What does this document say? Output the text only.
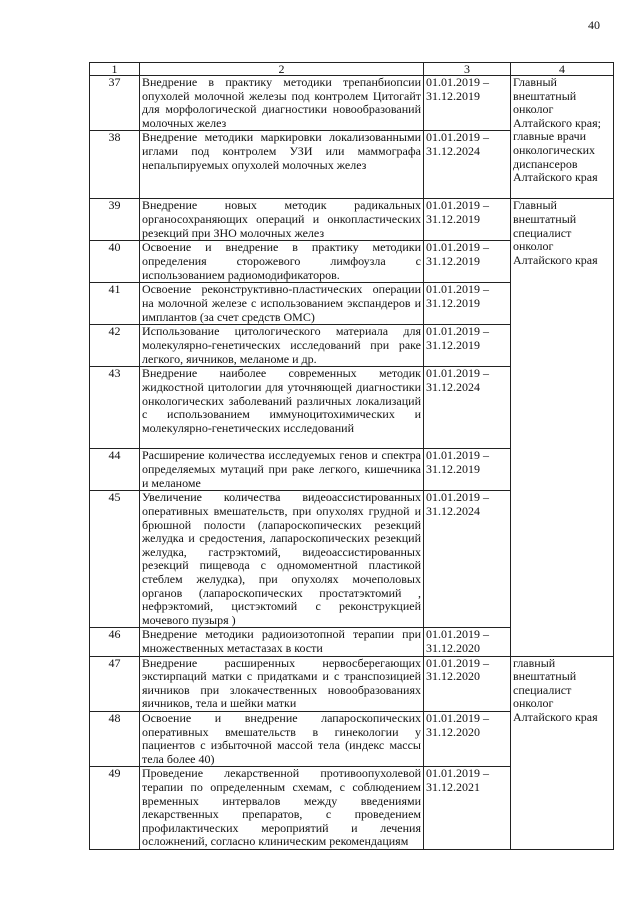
40
1	2	3	4
37	Внедрение в практику методики трепанбиопсии опухолей молочной железы под контролем Цитогайт для морфологической диагностики новообразований молочных желез	01.01.2019 –
31.12.2019	Главный внештатный онколог Алтайского края; главные врачи онкологических диспансеров Алтайского края
38	Внедрение методики маркировки локализованными иглами под контролем УЗИ или маммографа непальпируемых опухолей молочных желез	01.01.2019 –
31.12.2024	

39	Внедрение новых методик радикальных органосохраняющих операций и онкопластических резекций при ЗНО молочных желез	01.01.2019 –
31.12.2019	Главный внештатный специалист онколог Алтайского края
40	Освоение и внедрение в практику методики определения сторожевого лимфоузла с использованием радиомодификаторов.	01.01.2019 –
31.12.2019	

41	Освоение реконструктивно-пластических операции на молочной железе с использованием экспандеров и имплантов (за счет средств ОМС)	01.01.2019 –
31.12.2019	

42	Использование цитологического материала для молекулярно-генетических исследований при раке легкого, яичников, меланоме и др.	01.01.2019 –
31.12.2019	

43	Внедрение наиболее современных методик жидкостной цитологии для уточняющей диагностики онкологических заболеваний различных локализаций с использованием иммуноцитохимических и молекулярно-генетических исследований	01.01.2019 –
31.12.2024	

44	Расширение количества исследуемых генов и спектра определяемых мутаций при раке легкого, кишечника и меланоме	01.01.2019 –
31.12.2019	

45	Увеличение количества видеоассистированных оперативных вмешательств, при опухолях грудной и брюшной полости (лапароскопических резекций желудка и средостения, лапароскопических резекций желудка, гастрэктомий, видеоассистированных резекций пищевода с одномоментной пластикой стеблем желудка), при опухолях мочеполовых органов (лапароскопических простатэктомий , нефрэктомий, цистэктомий с реконструкцией мочевого пузыря )	01.01.2019 –
31.12.2024	

46	Внедрение методики радиоизотопной терапии при множественных метастазах в кости	01.01.2019 –
31.12.2020	

47	Внедрение расширенных нервосберегающих экстирпаций матки с придатками и с транспозицией яичников при злокачественных новообразованиях яичников, тела и шейки матки	01.01.2019 –
31.12.2020	главный внештатный специалист онколог Алтайского края
48	Освоение и внедрение лапароскопических оперативных вмешательств в гинекологии у пациентов с избыточной массой тела (индекс массы тела более 40)	01.01.2019 –
31.12.2020	

49	Проведение лекарственной противоопухолевой терапии по определенным схемам, с соблюдением временных интервалов между введениями лекарственных препаратов, с проведением профилактических мероприятий и лечения осложнений, согласно клиническим рекомендациям	01.01.2019 –
31.12.2021	
